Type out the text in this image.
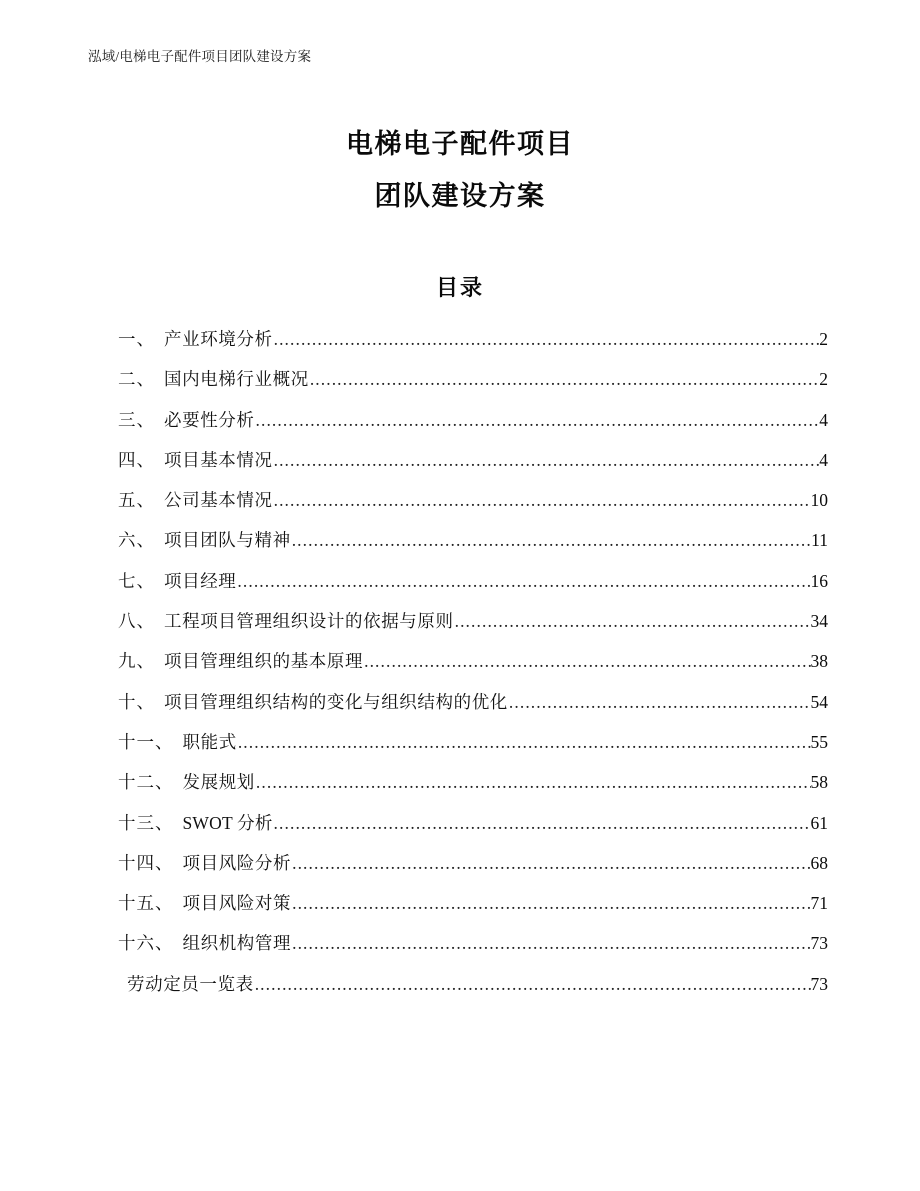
泓域/电梯电子配件项目团队建设方案
电梯电子配件项目
团队建设方案
目录
一、 产业环境分析 .....	2
二、 国内电梯行业概况 .....	2
三、 必要性分析 .....	4
四、 项目基本情况 .....	4
五、 公司基本情况 .....	10
六、 项目团队与精神 .....	11
七、 项目经理 .....	16
八、 工程项目管理组织设计的依据与原则 .....	34
九、 项目管理组织的基本原理 .....	38
十、 项目管理组织结构的变化与组织结构的优化 .....	54
十一、 职能式 .....	55
十二、 发展规划 .....	58
十三、 SWOT 分析 .....	61
十四、 项目风险分析 .....	68
十五、 项目风险对策 .....	71
十六、 组织机构管理 .....	73
劳动定员一览表 .....	73
